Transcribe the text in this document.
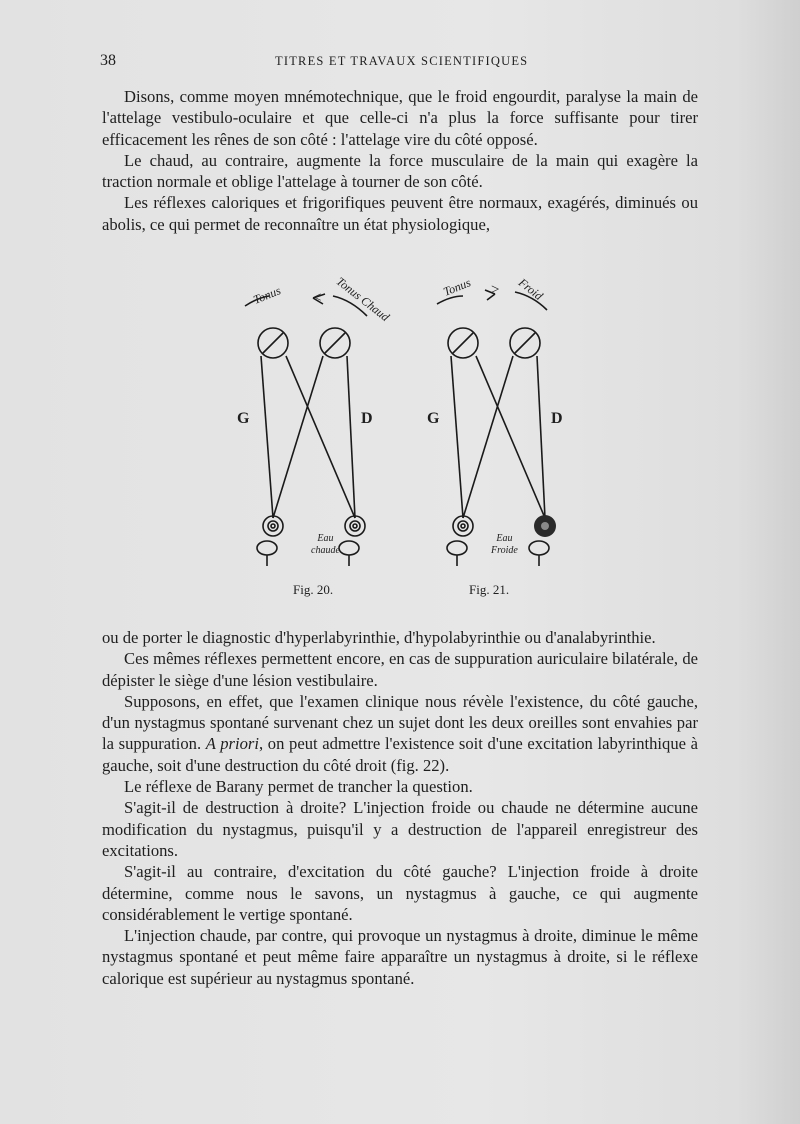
38	TITRES ET TRAVAUX SCIENTIFIQUES

Disons, comme moyen mnémotechnique, que le froid engourdit, paralyse la main de l'attelage vestibulo-oculaire et que celle-ci n'a plus la force suffisante pour tirer efficacement les rênes de son côté : l'attelage vire du côté opposé.

Le chaud, au contraire, augmente la force musculaire de la main qui exagère la traction normale et oblige l'attelage à tourner de son côté.

Les réflexes caloriques et frigorifiques peuvent être normaux, exagérés, diminués ou abolis, ce qui permet de reconnaître un état physiologique,

G	D	G	D
Tonus < Tonus Chaud	Tonus > Froid
Eau
chaude
Eau
Froide
Fig. 20.	Fig. 21.

ou de porter le diagnostic d'hyperlabyrinthie, d'hypolabyrinthie ou d'analabyrinthie.

Ces mêmes réflexes permettent encore, en cas de suppuration auriculaire bilatérale, de dépister le siège d'une lésion vestibulaire.

Supposons, en effet, que l'examen clinique nous révèle l'existence, du côté gauche, d'un nystagmus spontané survenant chez un sujet dont les deux oreilles sont envahies par la suppuration. A priori, on peut admettre l'existence soit d'une excitation labyrinthique à gauche, soit d'une destruction du côté droit (fig. 22).

Le réflexe de Barany permet de trancher la question.

S'agit-il de destruction à droite? L'injection froide ou chaude ne détermine aucune modification du nystagmus, puisqu'il y a destruction de l'appareil enregistreur des excitations.

S'agit-il au contraire, d'excitation du côté gauche? L'injection froide à droite détermine, comme nous le savons, un nystagmus à gauche, ce qui augmente considérablement le vertige spontané.

L'injection chaude, par contre, qui provoque un nystagmus à droite, diminue le même nystagmus spontané et peut même faire apparaître un nystagmus à droite, si le réflexe calorique est supérieur au nystagmus spontané.
